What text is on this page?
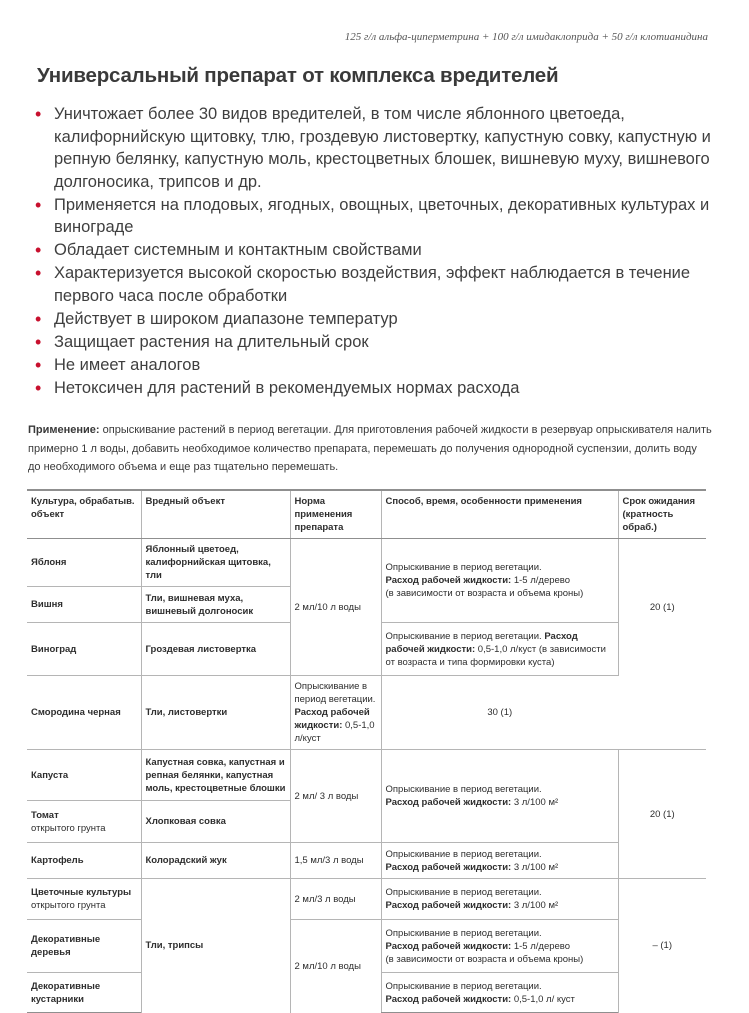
125 г/л альфа-циперметрина + 100 г/л имидаклоприда + 50 г/л клотианидина
Универсальный препарат от комплекса вредителей
• Уничтожает более 30 видов вредителей, в том числе яблонного цветоеда, калифорнийскую щитовку, тлю, гроздевую листовертку, капустную совку, капустную и репную белянку, капустную моль, крестоцветных блошек, вишневую муху, вишневого долгоносика, трипсов и др.
• Применяется на плодовых, ягодных, овощных, цветочных, декоративных культурах и винограде
• Обладает системным и контактным свойствами
• Характеризуется высокой скоростью воздействия, эффект наблюдается в течение первого часа после обработки
• Действует в широком диапазоне температур
• Защищает растения на длительный срок
• Не имеет аналогов
• Нетоксичен для растений в рекомендуемых нормах расхода
Применение: опрыскивание растений в период вегетации. Для приготовления рабочей жидкости в резервуар опрыскивателя налить примерно 1 л воды, добавить необходимое количество препарата, перемешать до получения однородной суспензии, долить воду до необходимого объема и еще раз тщательно перемешать.
Культура, обрабатыв. объект	Вредный объект	Норма применения препарата	Способ, время, особенности применения	Срок ожидания (кратность обраб.)
Яблоня	Яблонный цветоед, калифорнийская щитовка, тли	2 мл/10 л воды	Опрыскивание в период вегетации.
Расход рабочей жидкости: 1-5 л/дерево
(в зависимости от возраста и объема кроны)	20 (1)
Вишня	Тли, вишневая муха, вишневый долгоносик			
Виноград	Гроздевая листовертка		Опрыскивание в период вегетации. Расход рабочей жидкости: 0,5-1,0 л/куст (в зависимости от возраста и типа формировки куста)	
Смородина черная	Тли, листовертки	Опрыскивание в период вегетации.
Расход рабочей жидкости: 0,5-1,0 л/куст	30 (1)	
Капуста	Капустная совка, капустная и репная белянки, капустная моль, крестоцветные блошки	2 мл/ 3 л воды	Опрыскивание в период вегетации.
Расход рабочей жидкости: 3 л/100 м²	20 (1)
Томат
открытого грунта	Хлопковая совка			
Картофель	Колорадский жук	1,5 мл/3 л воды	Опрыскивание в период вегетации.
Расход рабочей жидкости: 3 л/100 м²	
Цветочные культуры
открытого грунта	Тли, трипсы	2 мл/3 л воды	Опрыскивание в период вегетации.
Расход рабочей жидкости: 3 л/100 м²	– (1)
Декоративные деревья		2 мл/10 л воды	Опрыскивание в период вегетации.
Расход рабочей жидкости: 1-5 л/дерево
(в зависимости от возраста и объема кроны)	
Декоративные кустарники			Опрыскивание в период вегетации.
Расход рабочей жидкости: 0,5-1,0 л/ куст	
